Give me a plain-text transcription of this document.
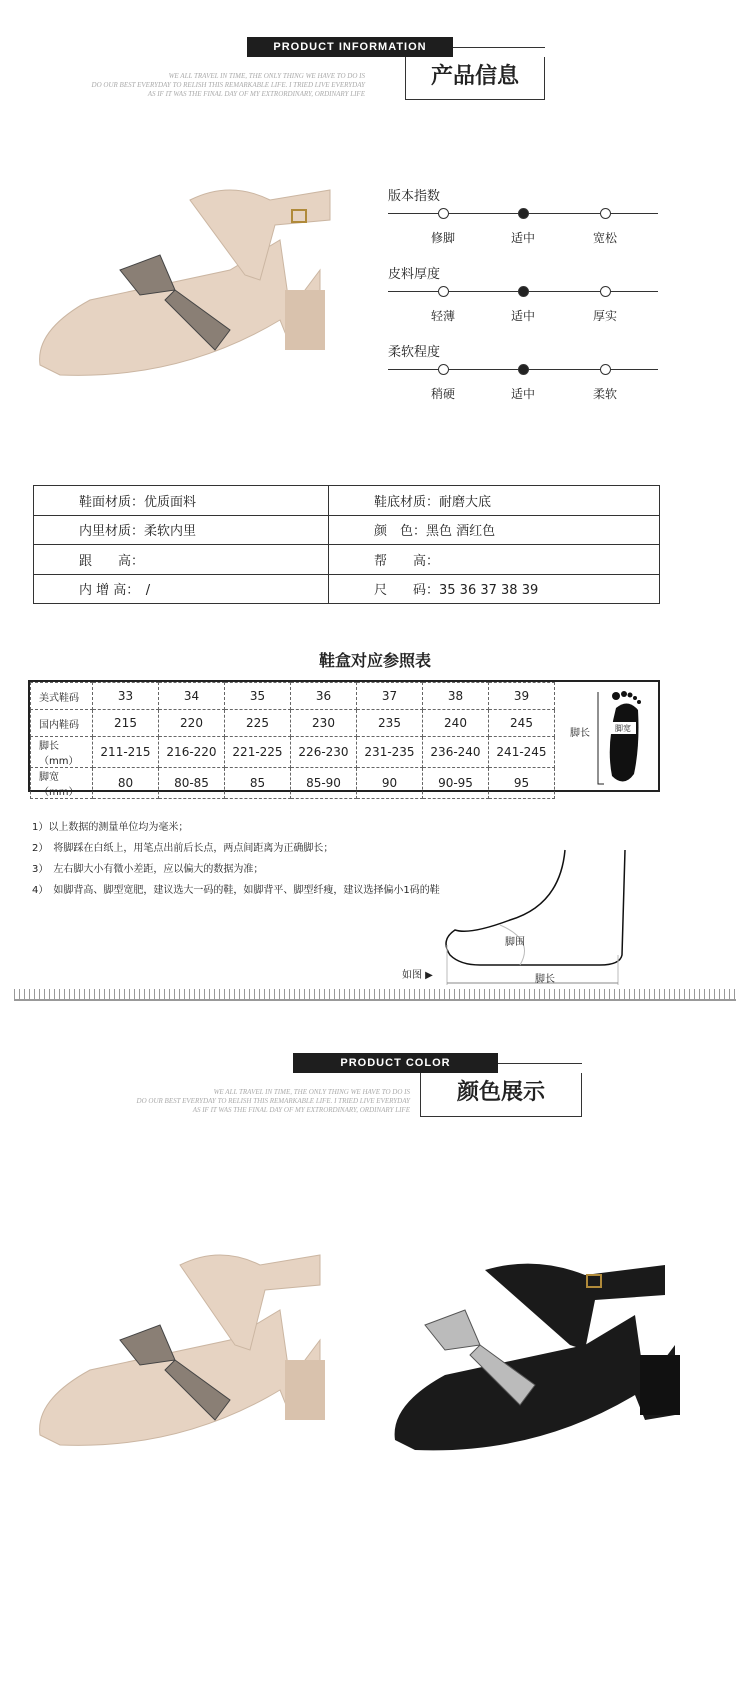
PRODUCT INFORMATION
产品信息
WE ALL TRAVEL IN TIME, THE ONLY THING WE HAVE TO DO IS
DO OUR BEST EVERYDAY TO RELISH THIS REMARKABLE LIFE. I TRIED LIVE EVERYDAY
AS IF IT WAS THE FINAL DAY OF MY EXTRORDINARY, ORDINARY LIFE
版本指数
修脚	适中	宽松
皮料厚度
轻薄	适中	厚实
柔软程度
稍硬	适中	柔软
鞋面材质：优质面料	鞋底材质：耐磨大底
内里材质：柔软内里	颜　色：黑色 酒红色
跟　　高：	帮　　高：
内 增 高：　/	尺　　码：35 36 37 38 39
鞋盒对应参照表
美式鞋码	33	34	35	36	37	38	39
国内鞋码	215	220	225	230	235	240	245
脚长（mm）	211-215	216-220	221-225	226-230	231-235	236-240	241-245
脚宽（mm）	80	80-85	85	85-90	90	90-95	95
脚长	脚宽
1）以上数据的测量单位均为毫米；
2）　将脚踩在白纸上，用笔点出前后长点，两点间距离为正确脚长；
3）　左右脚大小有微小差距，应以偏大的数据为准；
4）　如脚背高、脚型宽肥，建议选大一码的鞋，如脚背平、脚型纤瘦，建议选择偏小1码的鞋
脚围
脚长
如图 ▶
PRODUCT COLOR
颜色展示
WE ALL TRAVEL IN TIME, THE ONLY THING WE HAVE TO DO IS
DO OUR BEST EVERYDAY TO RELISH THIS REMARKABLE LIFE. I TRIED LIVE EVERYDAY
AS IF IT WAS THE FINAL DAY OF MY EXTRORDINARY, ORDINARY LIFE
